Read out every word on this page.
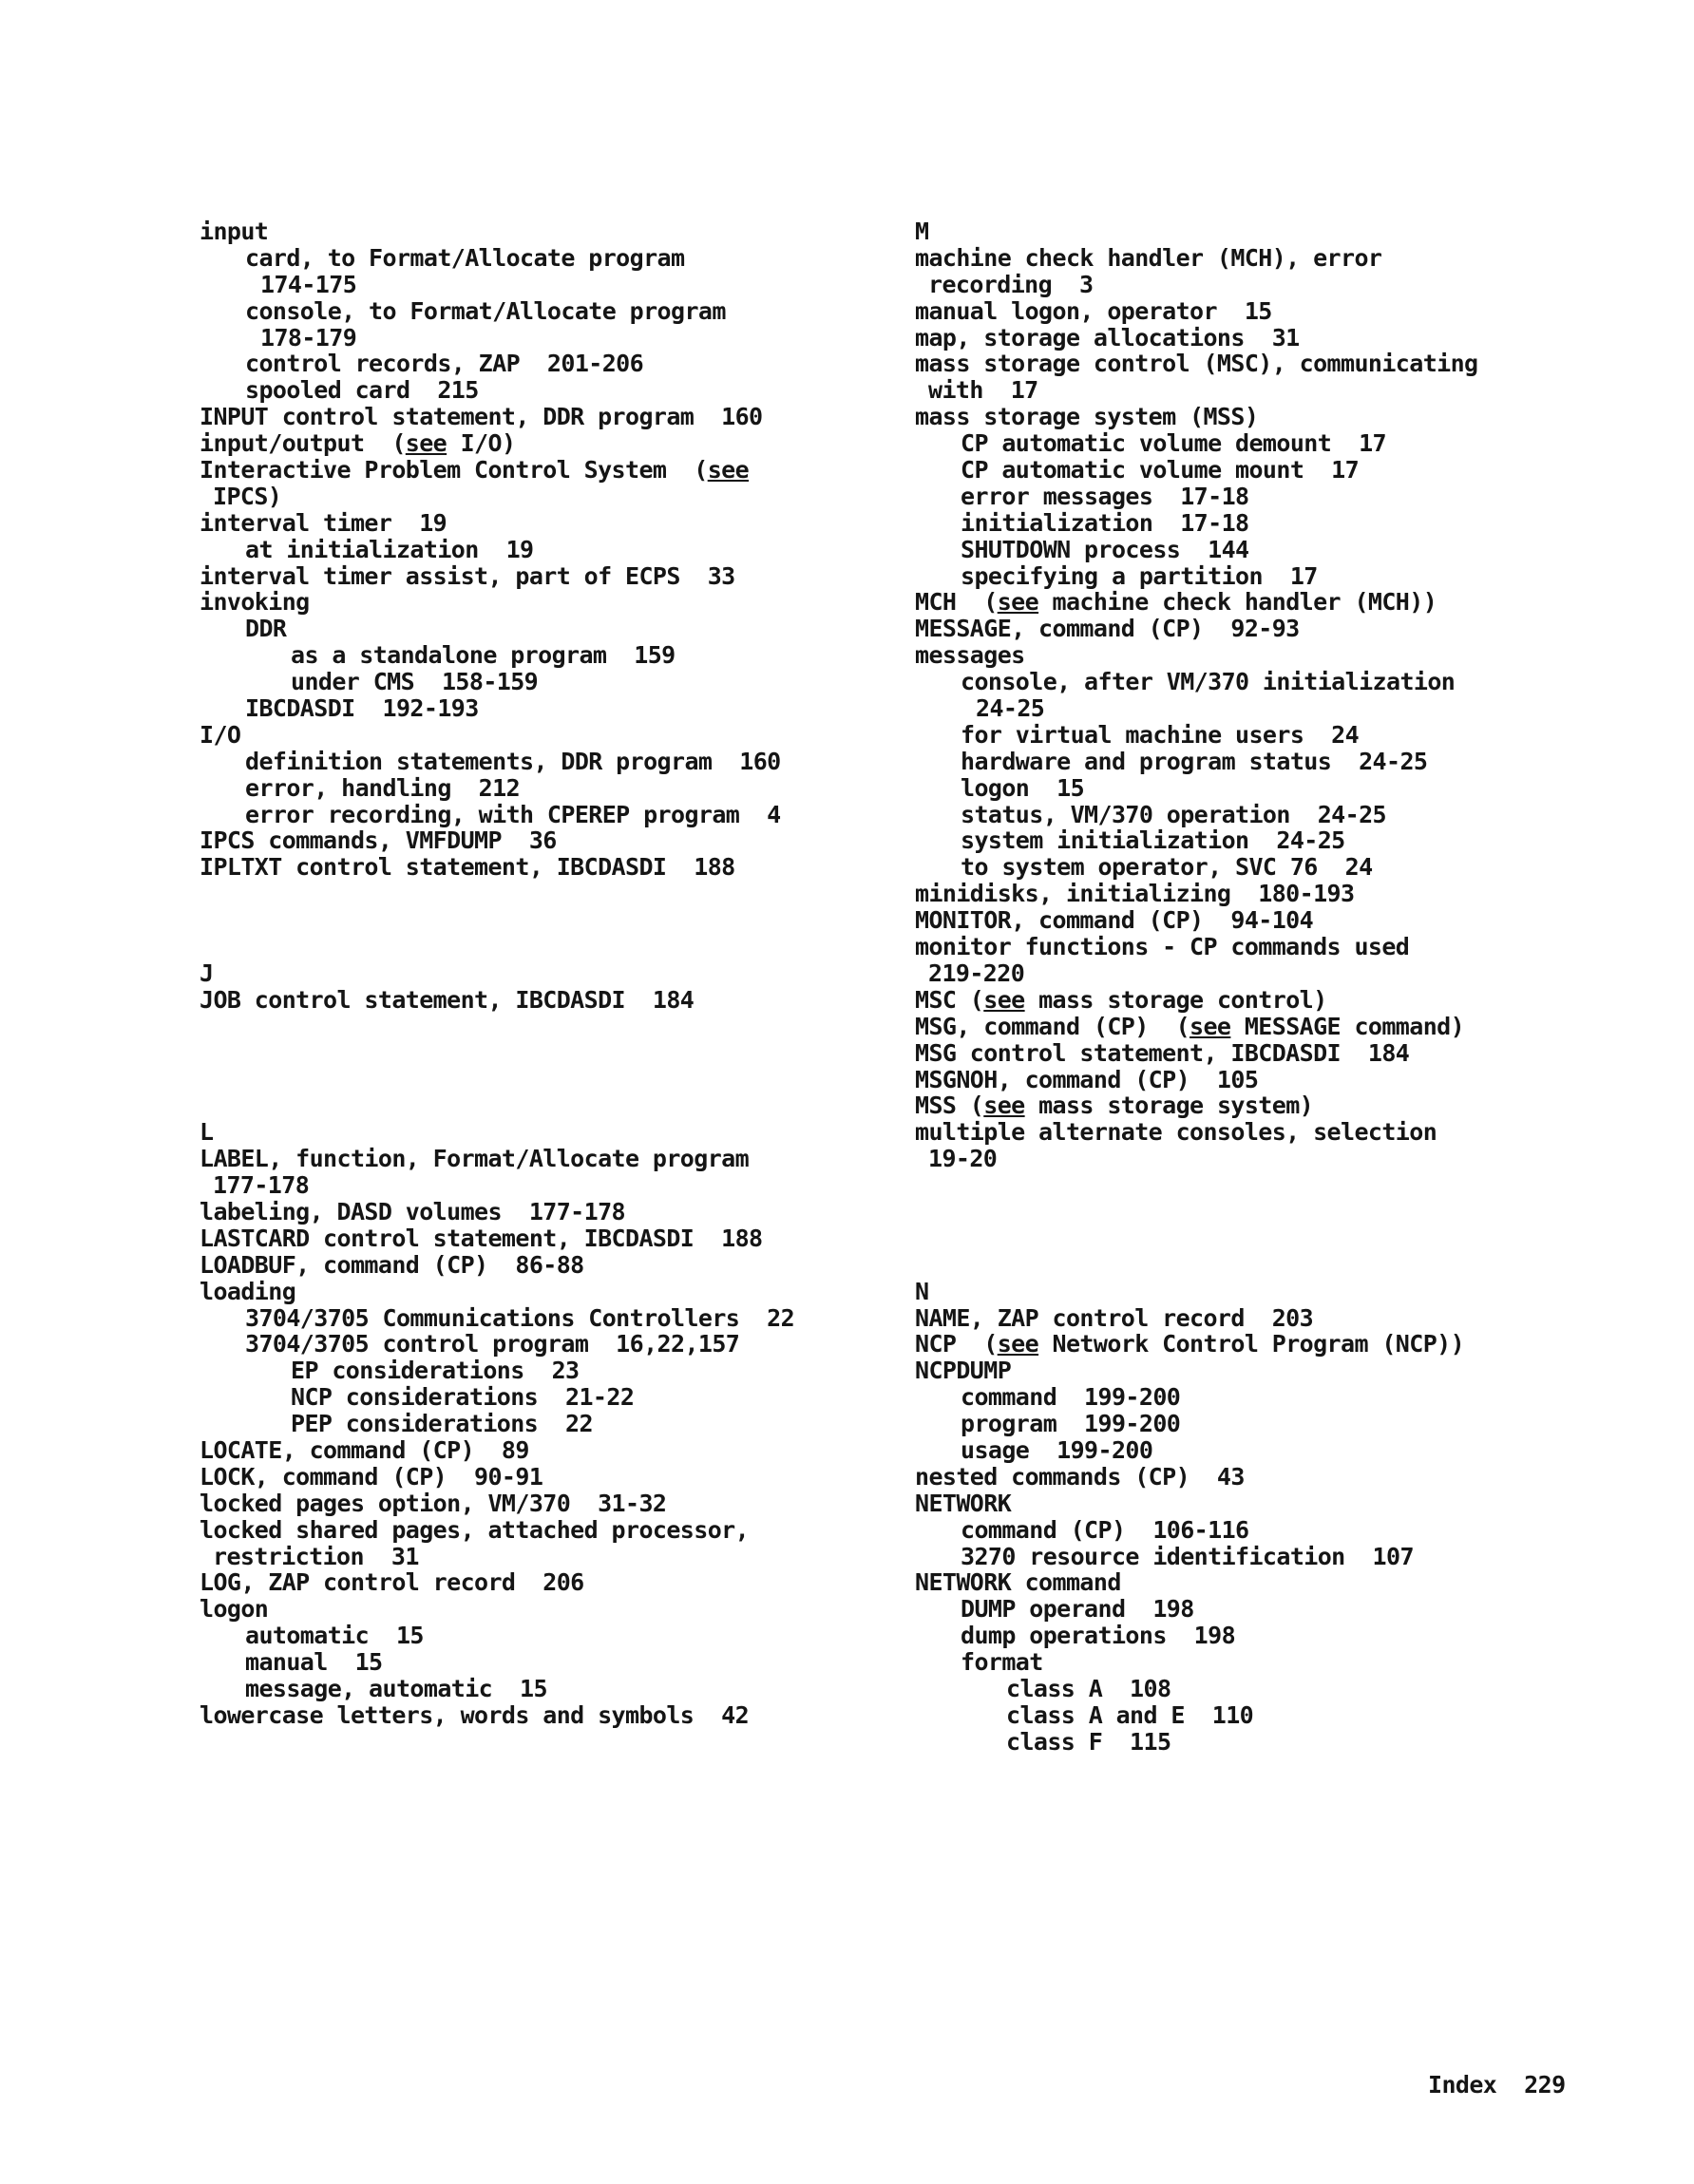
input
card, to Format/Allocate program
174-175
console, to Format/Allocate program
178-179
control records, ZAP  201-206
spooled card  215
INPUT control statement, DDR program  160
input/output  (see I/O)
Interactive Problem Control System  (see
IPCS)
interval timer  19
at initialization  19
interval timer assist, part of ECPS  33
invoking
DDR
as a standalone program  159
under CMS  158-159
IBCDASDI  192-193
I/O
definition statements, DDR program  160
error, handling  212
error recording, with CPEREP program  4
IPCS commands, VMFDUMP  36
IPLTXT control statement, IBCDASDI  188
J
JOB control statement, IBCDASDI  184
L
LABEL, function, Format/Allocate program
177-178
labeling, DASD volumes  177-178
LASTCARD control statement, IBCDASDI  188
LOADBUF, command (CP)  86-88
loading
3704/3705 Communications Controllers  22
3704/3705 control program  16,22,157
EP considerations  23
NCP considerations  21-22
PEP considerations  22
LOCATE, command (CP)  89
LOCK, command (CP)  90-91
locked pages option, VM/370  31-32
locked shared pages, attached processor,
restriction  31
LOG, ZAP control record  206
logon
automatic  15
manual  15
message, automatic  15
lowercase letters, words and symbols  42
M
machine check handler (MCH), error
recording  3
manual logon, operator  15
map, storage allocations  31
mass storage control (MSC), communicating
with  17
mass storage system (MSS)
CP automatic volume demount  17
CP automatic volume mount  17
error messages  17-18
initialization  17-18
SHUTDOWN process  144
specifying a partition  17
MCH  (see machine check handler (MCH))
MESSAGE, command (CP)  92-93
messages
console, after VM/370 initialization
24-25
for virtual machine users  24
hardware and program status  24-25
logon  15
status, VM/370 operation  24-25
system initialization  24-25
to system operator, SVC 76  24
minidisks, initializing  180-193
MONITOR, command (CP)  94-104
monitor functions - CP commands used
219-220
MSC (see mass storage control)
MSG, command (CP)  (see MESSAGE command)
MSG control statement, IBCDASDI  184
MSGNOH, command (CP)  105
MSS (see mass storage system)
multiple alternate consoles, selection
19-20
N
NAME, ZAP control record  203
NCP  (see Network Control Program (NCP))
NCPDUMP
command  199-200
program  199-200
usage  199-200
nested commands (CP)  43
NETWORK
command (CP)  106-116
3270 resource identification  107
NETWORK command
DUMP operand  198
dump operations  198
format
class A  108
class A and E  110
class F  115
Index 229
